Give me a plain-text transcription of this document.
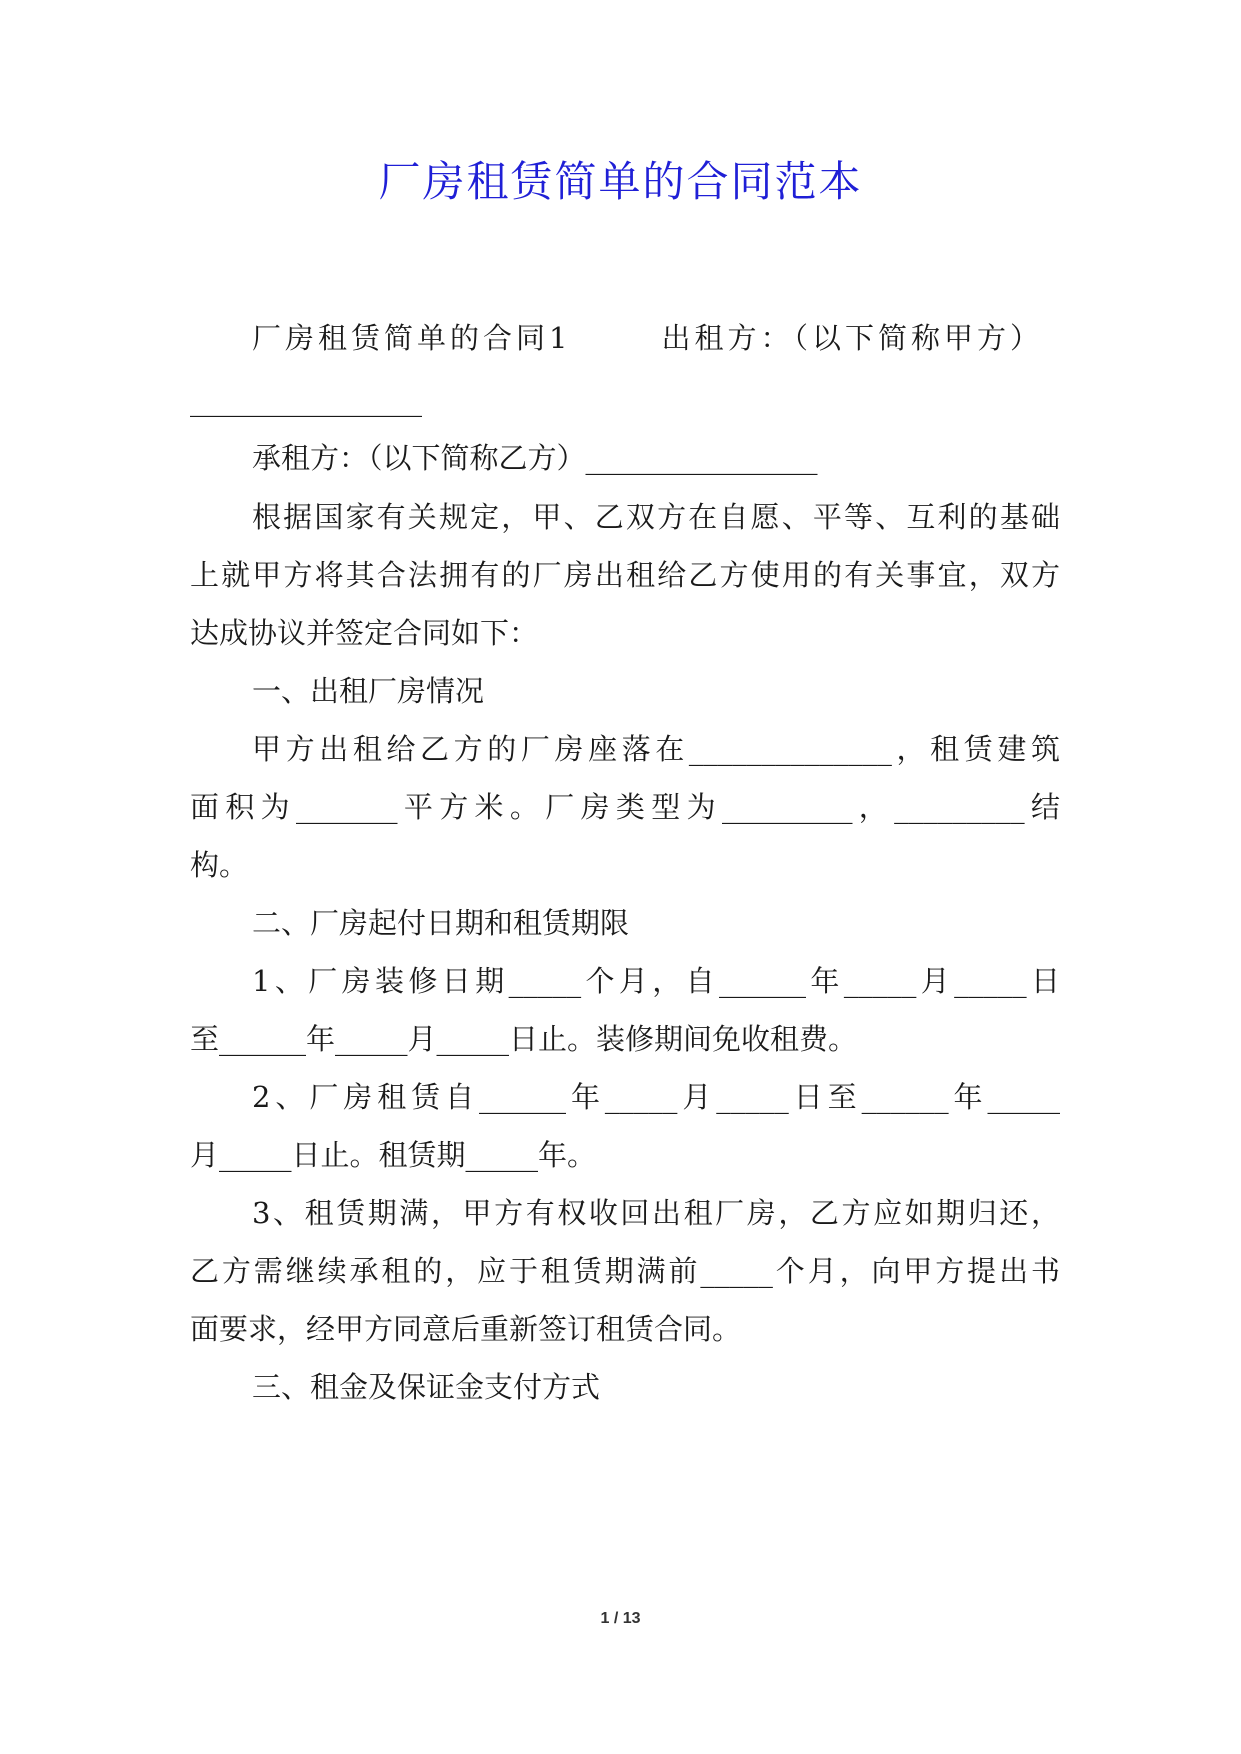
厂房租赁简单的合同范本
厂房租赁简单的合同1	出租方：（以下简称甲方）
________________
承租方：（以下简称乙方）________________
根据国家有关规定，甲、乙双方在自愿、平等、互利的基础
上就甲方将其合法拥有的厂房出租给乙方使用的有关事宜，双方
达成协议并签定合同如下：
一、出租厂房情况
甲方出租给乙方的厂房座落在______________，租赁建筑
面积为_______平方米。厂房类型为_________，_________结
构。
二、厂房起付日期和租赁期限
1、厂房装修日期_____个月，自______年_____月_____日
至______年_____月_____日止。装修期间免收租费。
2、厂房租赁自______年_____月_____日至______年_____
月_____日止。租赁期_____年。
3、租赁期满，甲方有权收回出租厂房，乙方应如期归还，
乙方需继续承租的，应于租赁期满前_____个月，向甲方提出书
面要求，经甲方同意后重新签订租赁合同。
三、租金及保证金支付方式
1 / 13
